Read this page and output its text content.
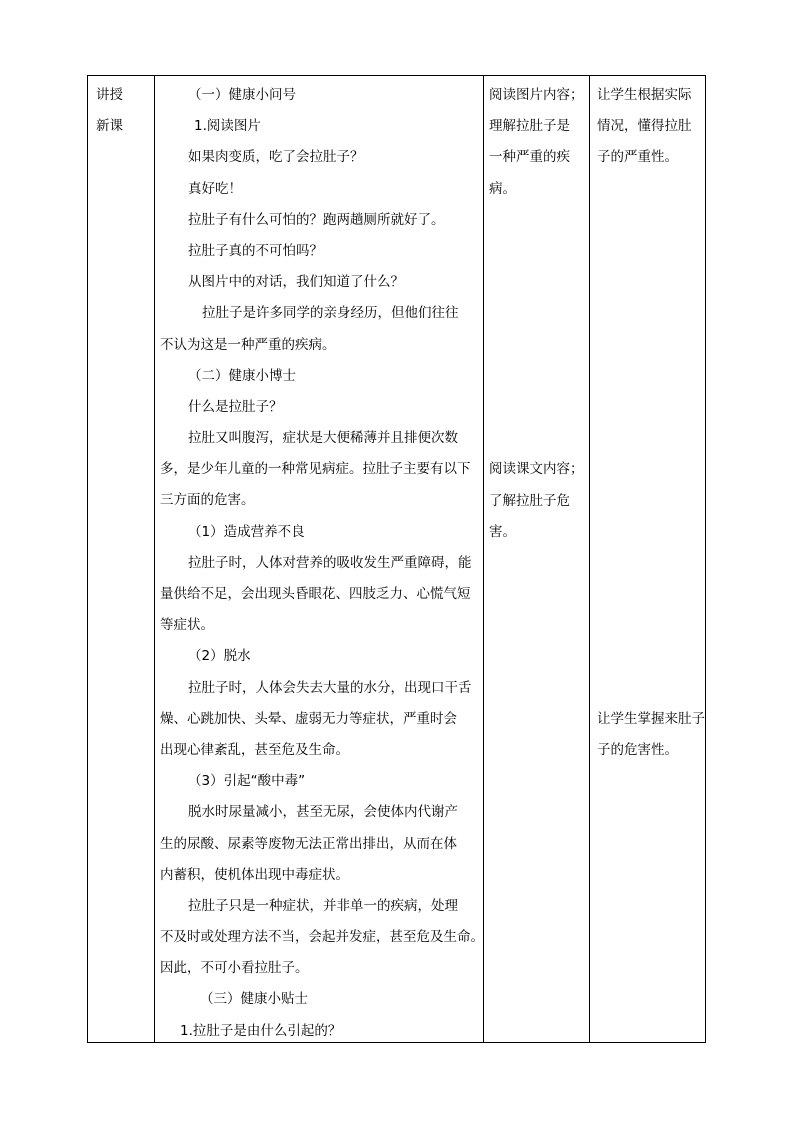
讲授
新课
（一）健康小问号
1.阅读图片
如果肉变质，吃了会拉肚子？
真好吃！
拉肚子有什么可怕的？跑两趟厕所就好了。
拉肚子真的不可怕吗？
从图片中的对话，我们知道了什么？
拉肚子是许多同学的亲身经历，但他们往往
不认为这是一种严重的疾病。
（二）健康小博士
什么是拉肚子？
拉肚又叫腹泻，症状是大便稀薄并且排便次数
多，是少年儿童的一种常见病症。拉肚子主要有以下
三方面的危害。
（1）造成营养不良
拉肚子时，人体对营养的吸收发生严重障碍，能
量供给不足，会出现头昏眼花、四肢乏力、心慌气短
等症状。
（2）脱水
拉肚子时，人体会失去大量的水分，出现口干舌
燥、心跳加快、头晕、虚弱无力等症状，严重时会
出现心律紊乱，甚至危及生命。
（3）引起“酸中毒”
脱水时尿量减小，甚至无尿，会使体内代谢产
生的尿酸、尿素等废物无法正常出排出，从而在体
内蓄积，使机体出现中毒症状。
拉肚子只是一种症状，并非单一的疾病，处理
不及时或处理方法不当，会起并发症，甚至危及生命。
因此，不可小看拉肚子。
（三）健康小贴士
1.拉肚子是由什么引起的？
阅读图片内容；
理解拉肚子是
一种严重的疾
病。
阅读课文内容；
了解拉肚子危
害。
让学生根据实际
情况，懂得拉肚
子的严重性。
让学生掌握来肚子
子的危害性。
